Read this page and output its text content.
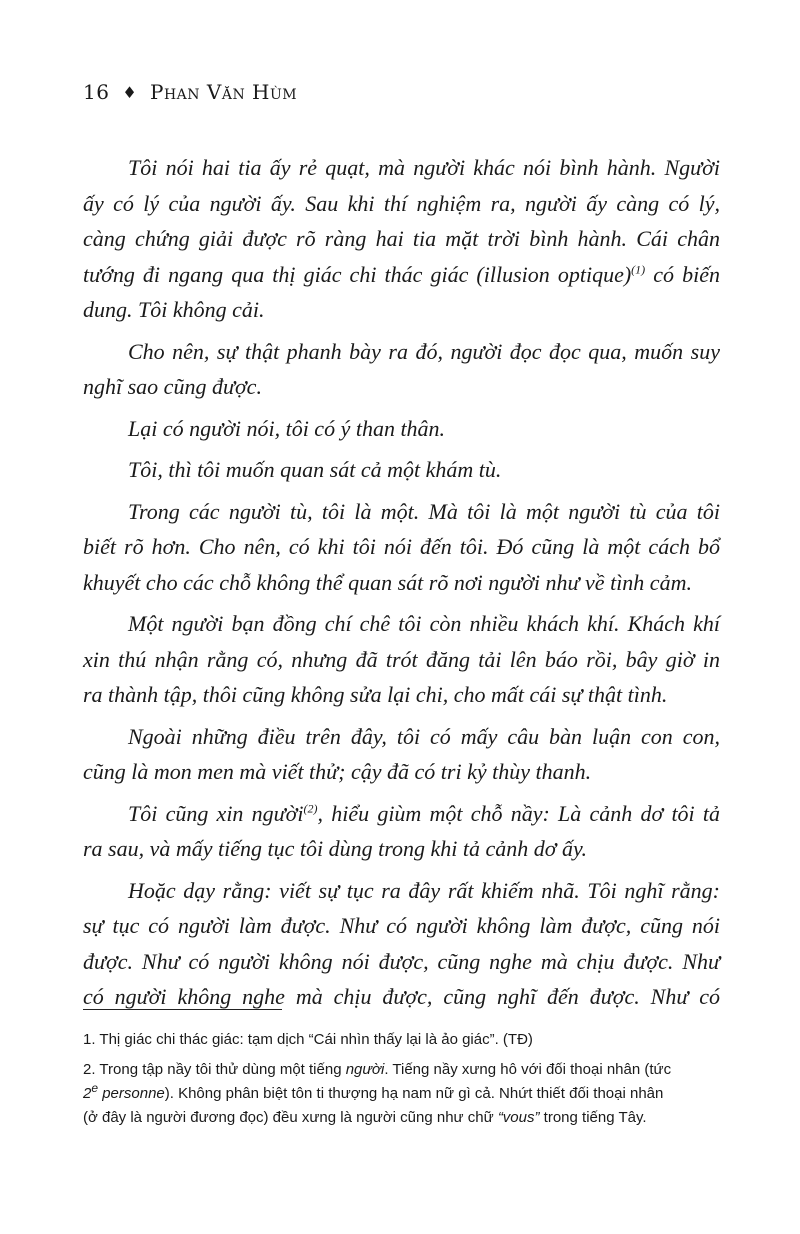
16 ♦ Phan Văn Hùm
Tôi nói hai tia ấy rẻ quạt, mà người khác nói bình hành. Người
ấy có lý của người ấy. Sau khi thí nghiệm ra, người ấy càng có lý,
càng chứng giải được rõ ràng hai tia mặt trời bình hành. Cái chân
tướng đi ngang qua thị giác chi thác giác (illusion optique)$^{(1)}$ có biến
dung. Tôi không cải.
Cho nên, sự thật phanh bày ra đó, người đọc đọc qua, muốn suy
nghĩ sao cũng được.
Lại có người nói, tôi có ý than thân.
Tôi, thì tôi muốn quan sát cả một khám tù.
Trong các người tù, tôi là một. Mà tôi là một người tù của tôi
biết rõ hơn. Cho nên, có khi tôi nói đến tôi. Đó cũng là một cách bổ
khuyết cho các chỗ không thể quan sát rõ nơi người như về tình cảm.
Một người bạn đồng chí chê tôi còn nhiều khách khí. Khách khí
xin thú nhận rằng có, nhưng đã trót đăng tải lên báo rồi, bây giờ in
ra thành tập, thôi cũng không sửa lại chi, cho mất cái sự thật tình.
Ngoài những điều trên đây, tôi có mấy câu bàn luận con con,
cũng là mon men mà viết thử; cậy đã có tri kỷ thùy thanh.
Tôi cũng xin người$^{(2)}$, hiểu giùm một chỗ nầy: Là cảnh dơ tôi tả
ra sau, và mấy tiếng tục tôi dùng trong khi tả cảnh dơ ấy.
Hoặc dạy rằng: viết sự tục ra đây rất khiếm nhã. Tôi nghĩ rằng:
sự tục có người làm được. Như có người không làm được, cũng nói
được. Như có người không nói được, cũng nghe mà chịu được. Như
có người không nghe mà chịu được, cũng nghĩ đến được. Như có
1. Thị giác chi thác giác: tạm dịch “Cái nhìn thấy lại là ảo giác”. (TĐ)
2. Trong tập nầy tôi thử dùng một tiếng người. Tiếng nầy xưng hô với đối thoại nhân (tức
2e personne). Không phân biệt tôn ti thượng hạ nam nữ gì cả. Nhứt thiết đối thoại nhân
(ở đây là người đương đọc) đều xưng là người cũng như chữ “vous” trong tiếng Tây.
